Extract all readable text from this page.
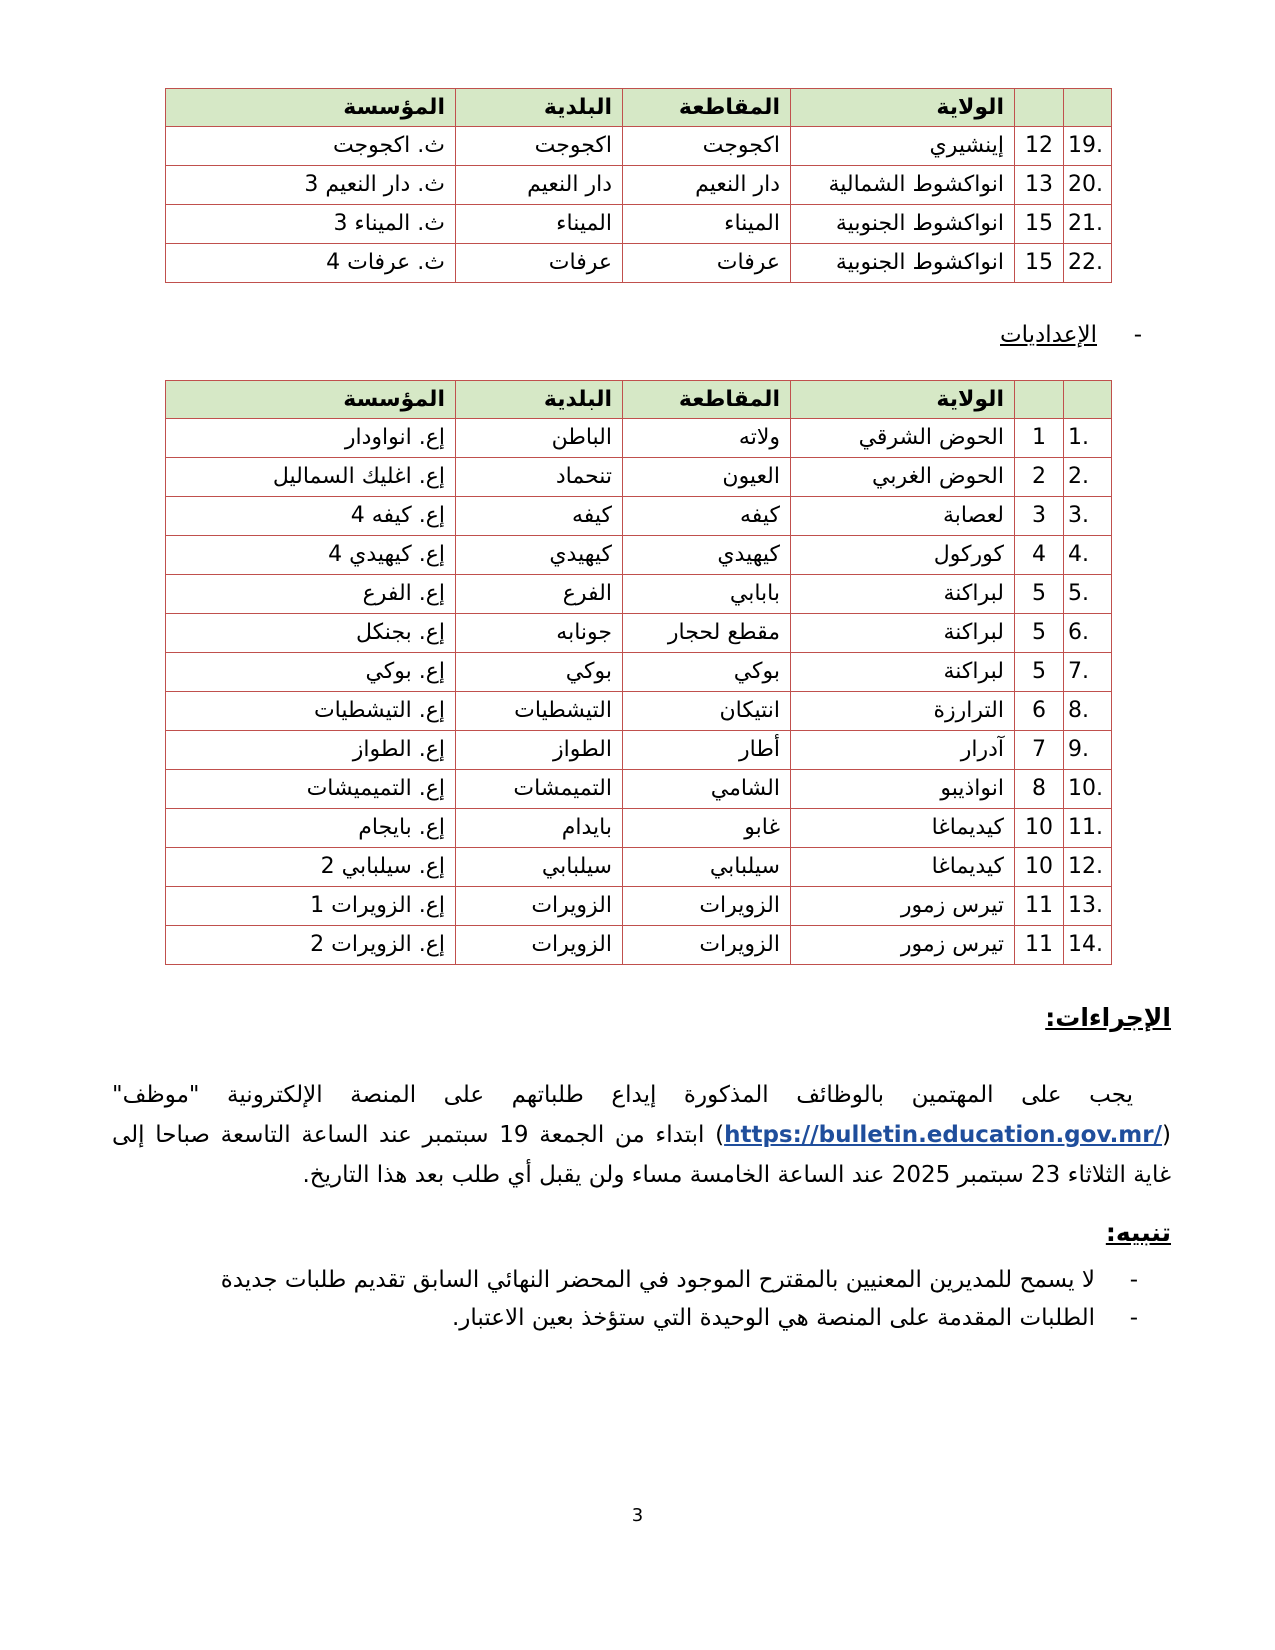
		الولاية	المقاطعة	البلدية	المؤسسة
19.	12	إينشيري	اكجوجت	اكجوجت	ث. اكجوجت
20.	13	انواكشوط الشمالية	دار النعيم	دار النعيم	ث. دار النعيم 3
21.	15	انواكشوط الجنوبية	الميناء	الميناء	ث. الميناء 3
22.	15	انواكشوط الجنوبية	عرفات	عرفات	ث. عرفات 4
-
الإعداديات
		الولاية	المقاطعة	البلدية	المؤسسة
1.	1	الحوض الشرقي	ولاته	الباطن	إع. انواودار
2.	2	الحوض الغربي	العيون	تنحماد	إع. اغليك السماليل
3.	3	لعصابة	كيفه	كيفه	إع. كيفه 4
4.	4	كوركول	كيهيدي	كيهيدي	إع. كيهيدي 4
5.	5	لبراكنة	بابابي	الفرع	إع. الفرع
6.	5	لبراكنة	مقطع لحجار	جونابه	إع. بجنكل
7.	5	لبراكنة	بوكي	بوكي	إع. بوكي
8.	6	الترارزة	انتيكان	التيشطيات	إع. التيشطيات
9.	7	آدرار	أطار	الطواز	إع. الطواز
10.	8	انواذيبو	الشامي	التميمشات	إع. التميميشات
11.	10	كيديماغا	غابو	بايدام	إع. بايجام
12.	10	كيديماغا	سيلبابي	سيلبابي	إع. سيلبابي 2
13.	11	تيرس زمور	الزويرات	الزويرات	إع. الزويرات 1
14.	11	تيرس زمور	الزويرات	الزويرات	إع. الزويرات 2
الإجراءات:
يجب على المهتمين بالوظائف المذكورة إيداع طلباتهم على المنصة الإلكترونية "موظف" (https://bulletin.education.gov.mr/) ابتداء من الجمعة 19 سبتمبر عند الساعة التاسعة صباحا إلى غاية الثلاثاء 23 سبتمبر 2025 عند الساعة الخامسة مساء ولن يقبل أي طلب بعد هذا التاريخ.
تنبيه:
-
لا يسمح للمديرين المعنيين بالمقترح الموجود في المحضر النهائي السابق تقديم طلبات جديدة
-
الطلبات المقدمة على المنصة هي الوحيدة التي ستؤخذ بعين الاعتبار.
3
